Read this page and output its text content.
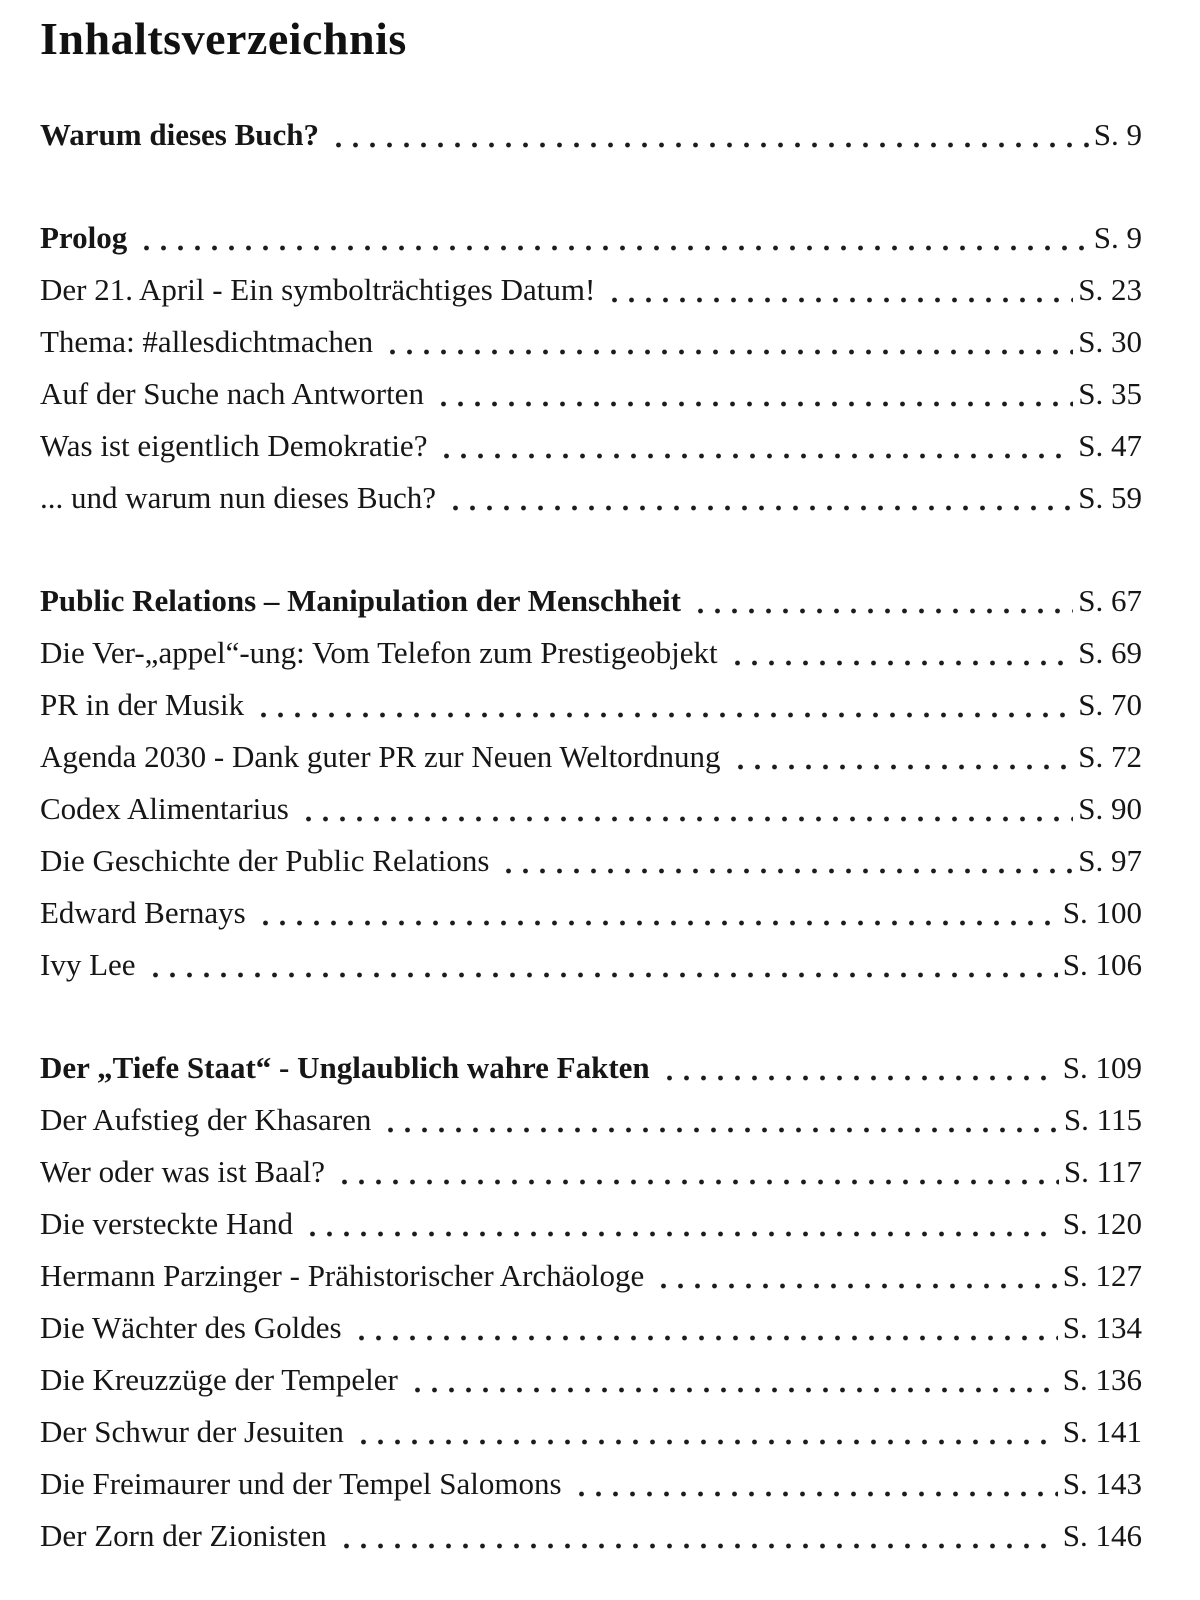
Inhaltsverzeichnis
Warum dieses Buch?	S. 9
Prolog	S. 9
Der 21. April - Ein symbolträchtiges Datum!	S. 23
Thema: #allesdichtmachen	S. 30
Auf der Suche nach Antworten	S. 35
Was ist eigentlich Demokratie?	S. 47
... und warum nun dieses Buch?	S. 59
Public Relations – Manipulation der Menschheit	S. 67
Die Ver-„appel“-ung: Vom Telefon zum Prestigeobjekt	S. 69
PR in der Musik	S. 70
Agenda 2030 - Dank guter PR zur Neuen Weltordnung	S. 72
Codex Alimentarius	S. 90
Die Geschichte der Public Relations	S. 97
Edward Bernays	S. 100
Ivy Lee	S. 106
Der „Tiefe Staat“ - Unglaublich wahre Fakten	S. 109
Der Aufstieg der Khasaren	S. 115
Wer oder was ist Baal?	S. 117
Die versteckte Hand	S. 120
Hermann Parzinger - Prähistorischer Archäologe	S. 127
Die Wächter des Goldes	S. 134
Die Kreuzzüge der Tempeler	S. 136
Der Schwur der Jesuiten	S. 141
Die Freimaurer und der Tempel Salomons	S. 143
Der Zorn der Zionisten	S. 146
